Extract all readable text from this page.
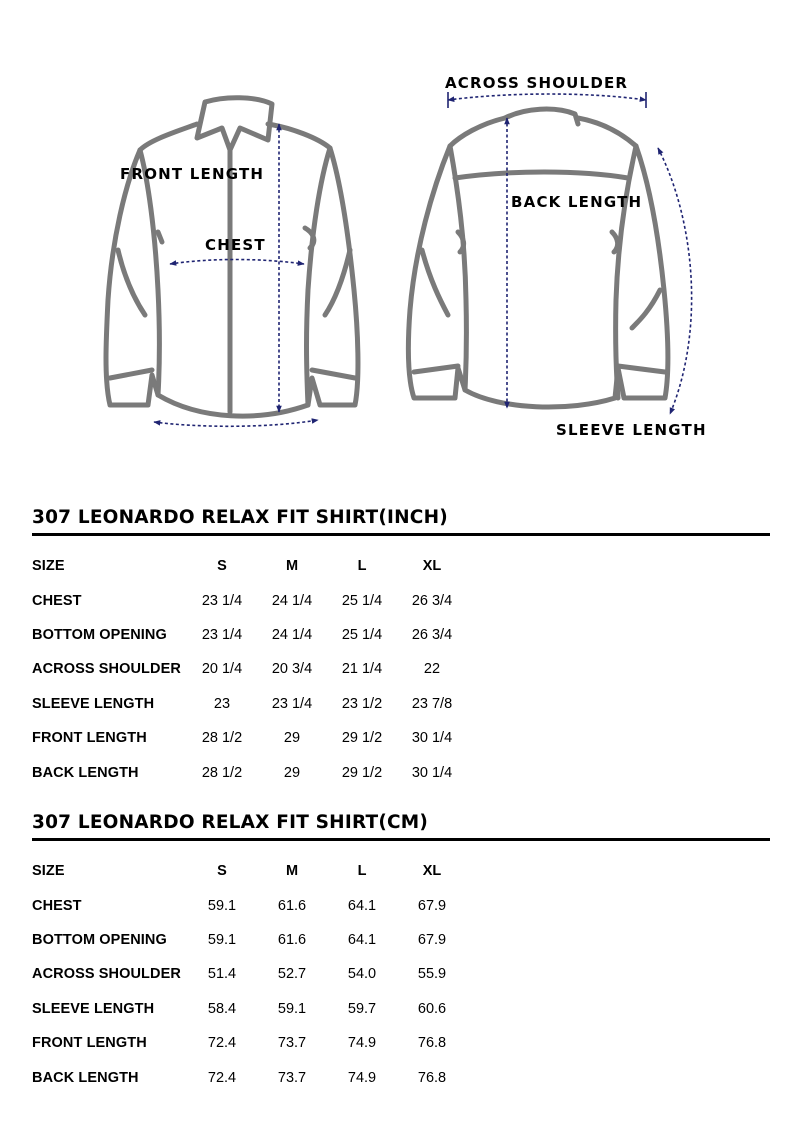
FRONT LENGTH
CHEST
ACROSS SHOULDER
BACK LENGTH
SLEEVE LENGTH
307 LEONARDO RELAX FIT SHIRT(INCH)
SIZE	S	M	L	XL
CHEST	23 1/4	24 1/4	25 1/4	26 3/4
BOTTOM OPENING	23 1/4	24 1/4	25 1/4	26 3/4
ACROSS SHOULDER	20 1/4	20 3/4	21 1/4	22
SLEEVE LENGTH	23	23 1/4	23 1/2	23 7/8
FRONT LENGTH	28 1/2	29	29 1/2	30 1/4
BACK LENGTH	28 1/2	29	29 1/2	30 1/4
307 LEONARDO RELAX FIT SHIRT(CM)
SIZE	S	M	L	XL
CHEST	59.1	61.6	64.1	67.9
BOTTOM OPENING	59.1	61.6	64.1	67.9
ACROSS SHOULDER	51.4	52.7	54.0	55.9
SLEEVE LENGTH	58.4	59.1	59.7	60.6
FRONT LENGTH	72.4	73.7	74.9	76.8
BACK LENGTH	72.4	73.7	74.9	76.8
